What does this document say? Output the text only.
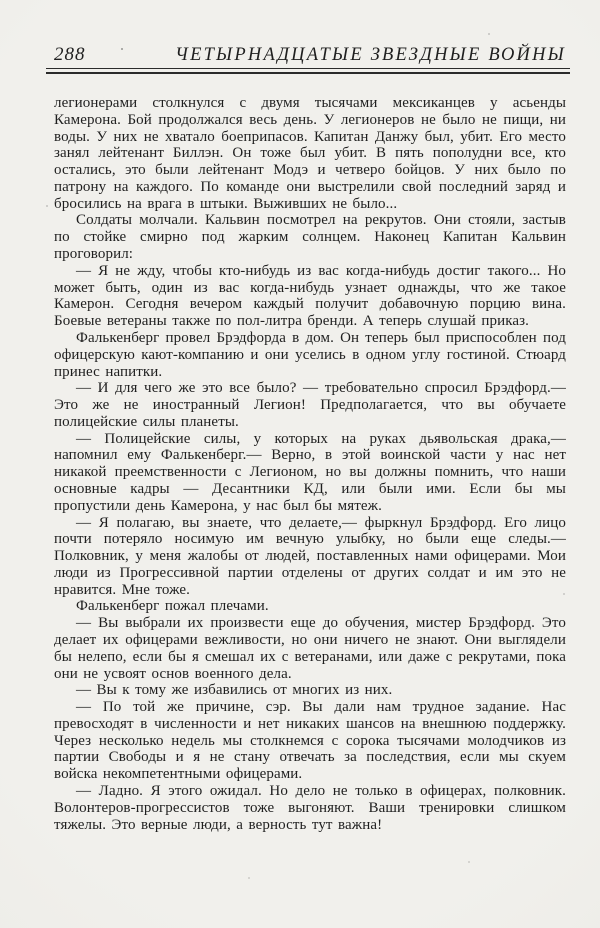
288	ЧЕТЫРНАДЦАТЫЕ ЗВЕЗДНЫЕ ВОЙНЫ

легионерами столкнулся с двумя тысячами мексиканцев у асьенды Камерона. Бой продолжался весь день. У легионеров не было не пищи, ни воды. У них не хватало боеприпасов. Капитан Данжу был, убит. Его место занял лейтенант Биллэн. Он тоже был убит. В пять пополудни все, кто остались, это были лейтенант Модэ и четверо бойцов. У них было по патрону на каждого. По команде они выстрелили свой последний заряд и бросились на врага в штыки. Выживших не было...

Солдаты молчали. Кальвин посмотрел на рекрутов. Они стояли, застыв по стойке смирно под жарким солнцем. Наконец Капитан Кальвин проговорил:

— Я не жду, чтобы кто-нибудь из вас когда-нибудь достиг такого... Но может быть, один из вас когда-нибудь узнает однажды, что же такое Камерон. Сегодня вечером каждый получит добавочную порцию вина. Боевые ветераны также по пол-литра бренди. А теперь слушай приказ.

Фалькенберг провел Брэдфорда в дом. Он теперь был приспособлен под офицерскую кают-компанию и они уселись в одном углу гостиной. Стюард принес напитки.

— И для чего же это все было? — требовательно спросил Брэдфорд.— Это же не иностранный Легион! Предполагается, что вы обучаете полицейские силы планеты.

— Полицейские силы, у которых на руках дьявольская драка,— напомнил ему Фалькенберг.— Верно, в этой воинской части у нас нет никакой преемственности с Легионом, но вы должны помнить, что наши основные кадры — Десантники КД, или были ими. Если бы мы пропустили день Камерона, у нас был бы мятеж.

— Я полагаю, вы знаете, что делаете,— фыркнул Брэдфорд. Его лицо почти потеряло носимую им вечную улыбку, но были еще следы.— Полковник, у меня жалобы от людей, поставленных нами офицерами. Мои люди из Прогрессивной партии отделены от других солдат и им это не нравится. Мне тоже.

Фалькенберг пожал плечами.

— Вы выбрали их произвести еще до обучения, мистер Брэдфорд. Это делает их офицерами вежливости, но они ничего не знают. Они выглядели бы нелепо, если бы я смешал их с ветеранами, или даже с рекрутами, пока они не усвоят основ военного дела.

— Вы к тому же избавились от многих из них.

— По той же причине, сэр. Вы дали нам трудное задание. Нас превосходят в численности и нет никаких шансов на внешнюю поддержку. Через несколько недель мы столкнемся с сорока тысячами молодчиков из партии Свободы и я не стану отвечать за последствия, если мы скуем войска некомпетентными офицерами.

— Ладно. Я этого ожидал. Но дело не только в офицерах, полковник. Волонтеров-прогрессистов тоже выгоняют. Ваши тренировки слишком тяжелы. Это верные люди, а верность тут важна!
